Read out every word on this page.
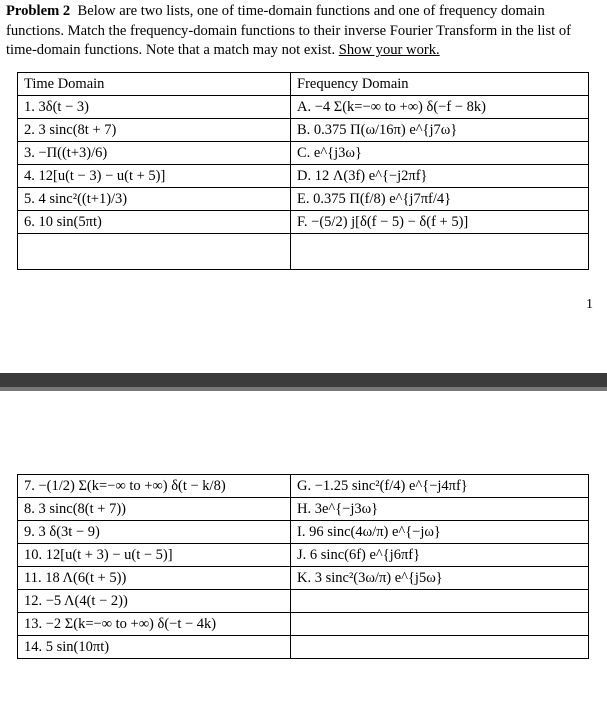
Problem 2 Below are two lists, one of time-domain functions and one of frequency domain functions. Match the frequency-domain functions to their inverse Fourier Transform in the list of time-domain functions. Note that a match may not exist. Show your work.
Time Domain	Frequency Domain
1. 3δ(t − 3)	A. −4 Σ(k=−∞ to +∞) δ(−f − 8k)
2. 3 sinc(8t + 7)	B. 0.375 Π(ω/16π) e^{j7ω}
3. −Π((t+3)/6)	C. e^{j3ω}
4. 12[u(t − 3) − u(t + 5)]	D. 12 Λ(3f) e^{−j2πf}
5. 4 sinc²((t+1)/3)	E. 0.375 Π(f/8) e^{j7πf/4}
6. 10 sin(5πt)	F. −(5/2) j[δ(f − 5) − δ(f + 5)]

1
7. −(1/2) Σ(k=−∞ to +∞) δ(t − k/8)	G. −1.25 sinc²(f/4) e^{−j4πf}
8. 3 sinc(8(t + 7))	H. 3e^{−j3ω}
9. 3 δ(3t − 9)	I. 96 sinc(4ω/π) e^{−jω}
10. 12[u(t + 3) − u(t − 5)]	J. 6 sinc(6f) e^{j6πf}
11. 18 Λ(6(t + 5))	K. 3 sinc²(3ω/π) e^{j5ω}
12. −5 Λ(4(t − 2))	
13. −2 Σ(k=−∞ to +∞) δ(−t − 4k)	
14. 5 sin(10πt)	
